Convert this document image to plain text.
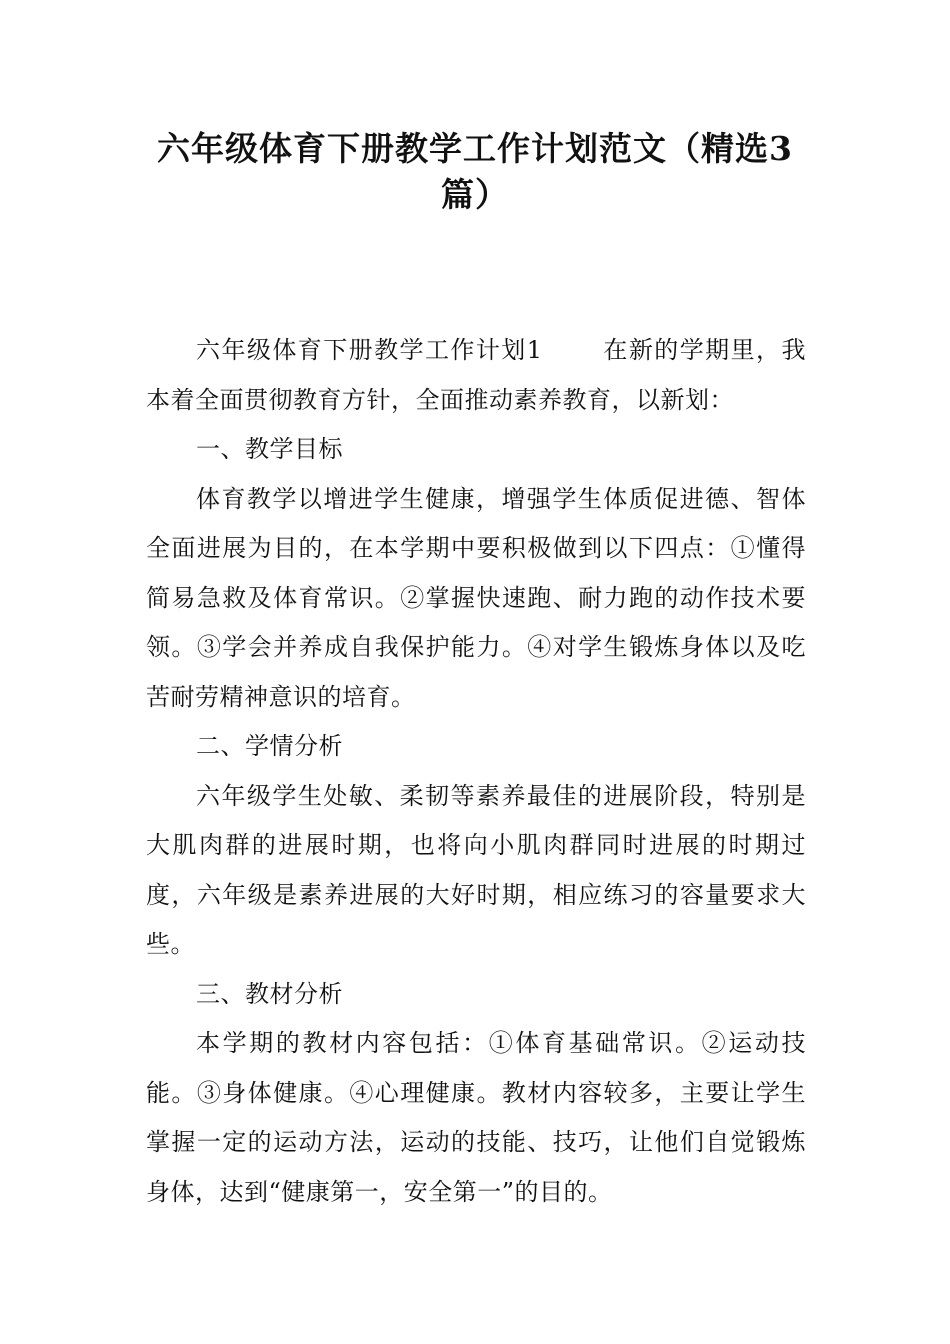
六年级体育下册教学工作计划范文（精选3篇）

六年级体育下册教学工作计划1	在新的学期里，我本着全面贯彻教育方针，全面推动素养教育，以新划：

一、教学目标

体育教学以增进学生健康，增强学生体质促进德、智体全面进展为目的，在本学期中要积极做到以下四点：①懂得简易急救及体育常识。②掌握快速跑、耐力跑的动作技术要领。③学会并养成自我保护能力。④对学生锻炼身体以及吃苦耐劳精神意识的培育。

二、学情分析

六年级学生处敏、柔韧等素养最佳的进展阶段，特别是大肌肉群的进展时期，也将向小肌肉群同时进展的时期过度，六年级是素养进展的大好时期，相应练习的容量要求大些。

三、教材分析

本学期的教材内容包括：①体育基础常识。②运动技能。③身体健康。④心理健康。教材内容较多，主要让学生掌握一定的运动方法，运动的技能、技巧，让他们自觉锻炼身体，达到“健康第一，安全第一”的目的。
